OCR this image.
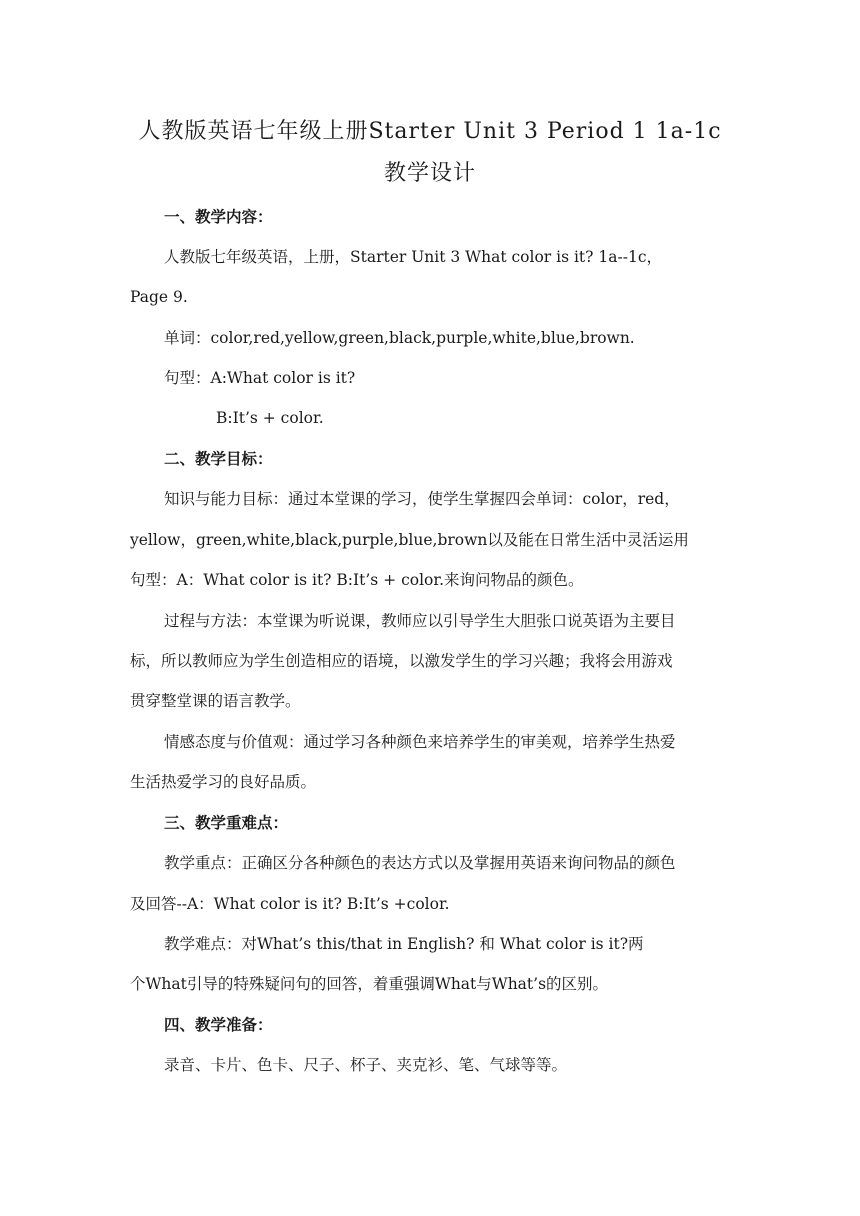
人教版英语七年级上册Starter Unit 3 Period 1 1a-1c
教学设计
一、教学内容：
人教版七年级英语，上册，Starter Unit 3 What color is it? 1a--1c，
Page 9.
单词：color,red,yellow,green,black,purple,white,blue,brown.
句型：A:What color is it?
B:It’s + color.
二、教学目标：
知识与能力目标：通过本堂课的学习，使学生掌握四会单词：color，red，
yellow，green,white,black,purple,blue,brown以及能在日常生活中灵活运用
句型：A：What color is it? B:It’s + color.来询问物品的颜色。
过程与方法：本堂课为听说课，教师应以引导学生大胆张口说英语为主要目
标，所以教师应为学生创造相应的语境，以激发学生的学习兴趣；我将会用游戏
贯穿整堂课的语言教学。
情感态度与价值观：通过学习各种颜色来培养学生的审美观，培养学生热爱
生活热爱学习的良好品质。
三、教学重难点：
教学重点：正确区分各种颜色的表达方式以及掌握用英语来询问物品的颜色
及回答--A：What color is it? B:It’s +color.
教学难点：对What’s this/that in English? 和 What color is it?两
个What引导的特殊疑问句的回答，着重强调What与What’s的区别。
四、教学准备：
录音、卡片、色卡、尺子、杯子、夹克衫、笔、气球等等。
